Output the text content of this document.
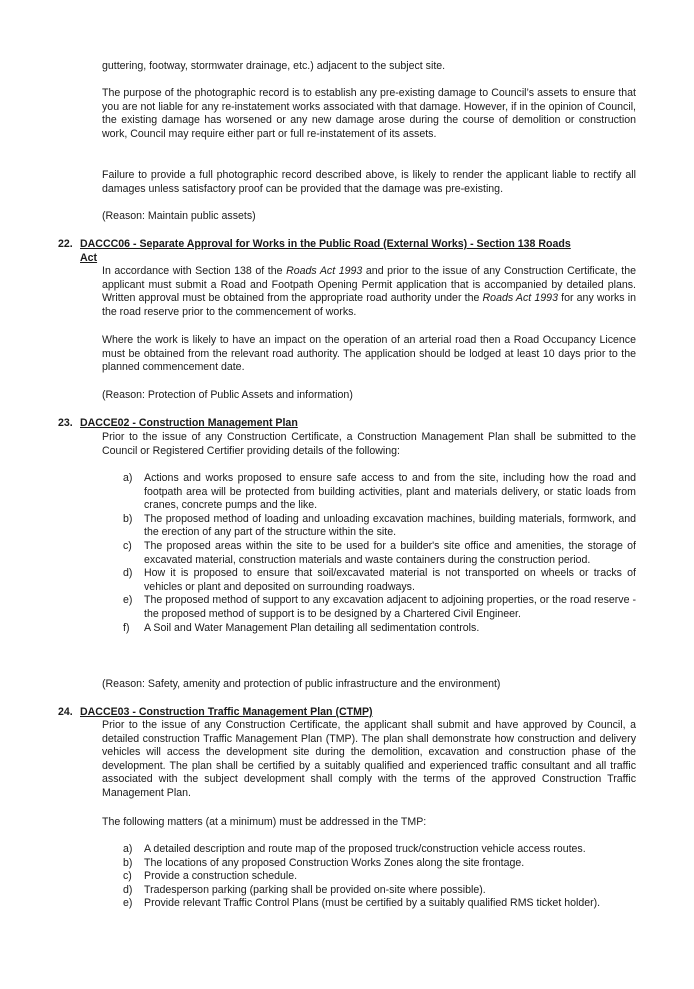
guttering, footway, stormwater drainage, etc.) adjacent to the subject site.

The purpose of the photographic record is to establish any pre-existing damage to Council’s assets to ensure that you are not liable for any re-instatement works associated with that damage. However, if in the opinion of Council, the existing damage has worsened or any new damage arose during the course of demolition or construction work, Council may require either part or full re-instatement of its assets.

Failure to provide a full photographic record described above, is likely to render the applicant liable to rectify all damages unless satisfactory proof can be provided that the damage was pre-existing.

(Reason: Maintain public assets)

22. DACCC06 - Separate Approval for Works in the Public Road (External Works) - Section 138 Roads
Act

In accordance with Section 138 of the Roads Act 1993 and prior to the issue of any Construction Certificate, the applicant must submit a Road and Footpath Opening Permit application that is accompanied by detailed plans. Written approval must be obtained from the appropriate road authority under the Roads Act 1993 for any works in the road reserve prior to the commencement of works.

Where the work is likely to have an impact on the operation of an arterial road then a Road Occupancy Licence must be obtained from the relevant road authority. The application should be lodged at least 10 days prior to the planned commencement date.

(Reason: Protection of Public Assets and information)

23. DACCE02 - Construction Management Plan

Prior to the issue of any Construction Certificate, a Construction Management Plan shall be submitted to the Council or Registered Certifier providing details of the following:

a) Actions and works proposed to ensure safe access to and from the site, including how the road and footpath area will be protected from building activities, plant and materials delivery, or static loads from cranes, concrete pumps and the like.
b) The proposed method of loading and unloading excavation machines, building materials, formwork, and the erection of any part of the structure within the site.
c) The proposed areas within the site to be used for a builder's site office and amenities, the storage of excavated material, construction materials and waste containers during the construction period.
d) How it is proposed to ensure that soil/excavated material is not transported on wheels or tracks of vehicles or plant and deposited on surrounding roadways.
e) The proposed method of support to any excavation adjacent to adjoining properties, or the road reserve - the proposed method of support is to be designed by a Chartered Civil Engineer.
f) A Soil and Water Management Plan detailing all sedimentation controls.

(Reason: Safety, amenity and protection of public infrastructure and the environment)

24. DACCE03 - Construction Traffic Management Plan (CTMP)

Prior to the issue of any Construction Certificate, the applicant shall submit and have approved by Council, a detailed construction Traffic Management Plan (TMP). The plan shall demonstrate how construction and delivery vehicles will access the development site during the demolition, excavation and construction phase of the development. The plan shall be certified by a suitably qualified and experienced traffic consultant and all traffic associated with the subject development shall comply with the terms of the approved Construction Traffic Management Plan.

The following matters (at a minimum) must be addressed in the TMP:

a) A detailed description and route map of the proposed truck/construction vehicle access routes.
b) The locations of any proposed Construction Works Zones along the site frontage.
c) Provide a construction schedule.
d) Tradesperson parking (parking shall be provided on-site where possible).
e) Provide relevant Traffic Control Plans (must be certified by a suitably qualified RMS ticket holder).
